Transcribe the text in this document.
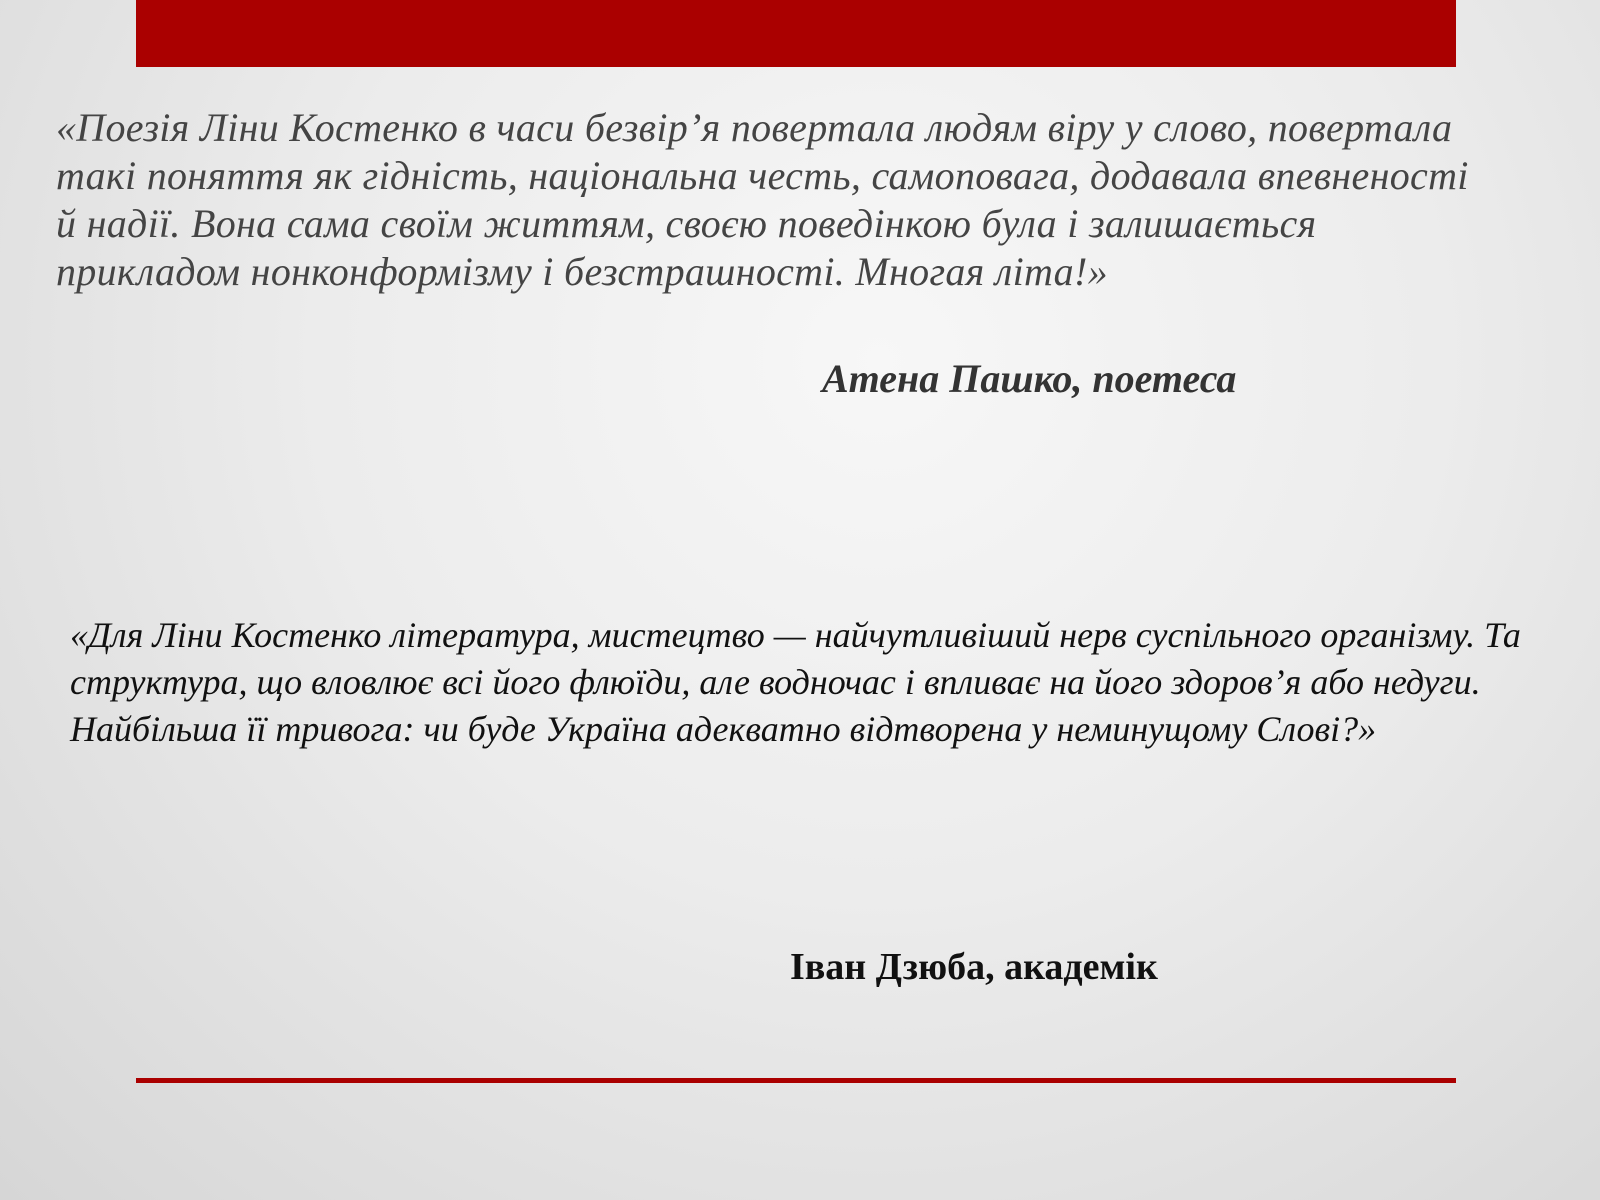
«Поезія Ліни Костенко в часи безвір’я повертала людям віру у слово, повертала такі поняття як гідність, національна честь, самоповага, додавала впевненості й надії. Вона сама своїм життям, своєю поведінкою була і залишається прикладом нонконформізму і безстрашності. Многая літа!»

Атена Пашко, поетеса

«Для Ліни Костенко література, мистецтво — найчутливіший нерв суспільного організму. Та структура, що вловлює всі його флюїди, але водночас і впливає на його здоров’я або недуги. Найбільша її тривога: чи буде Україна адекватно відтворена у неминущому Слові?»

Іван Дзюба, академік
